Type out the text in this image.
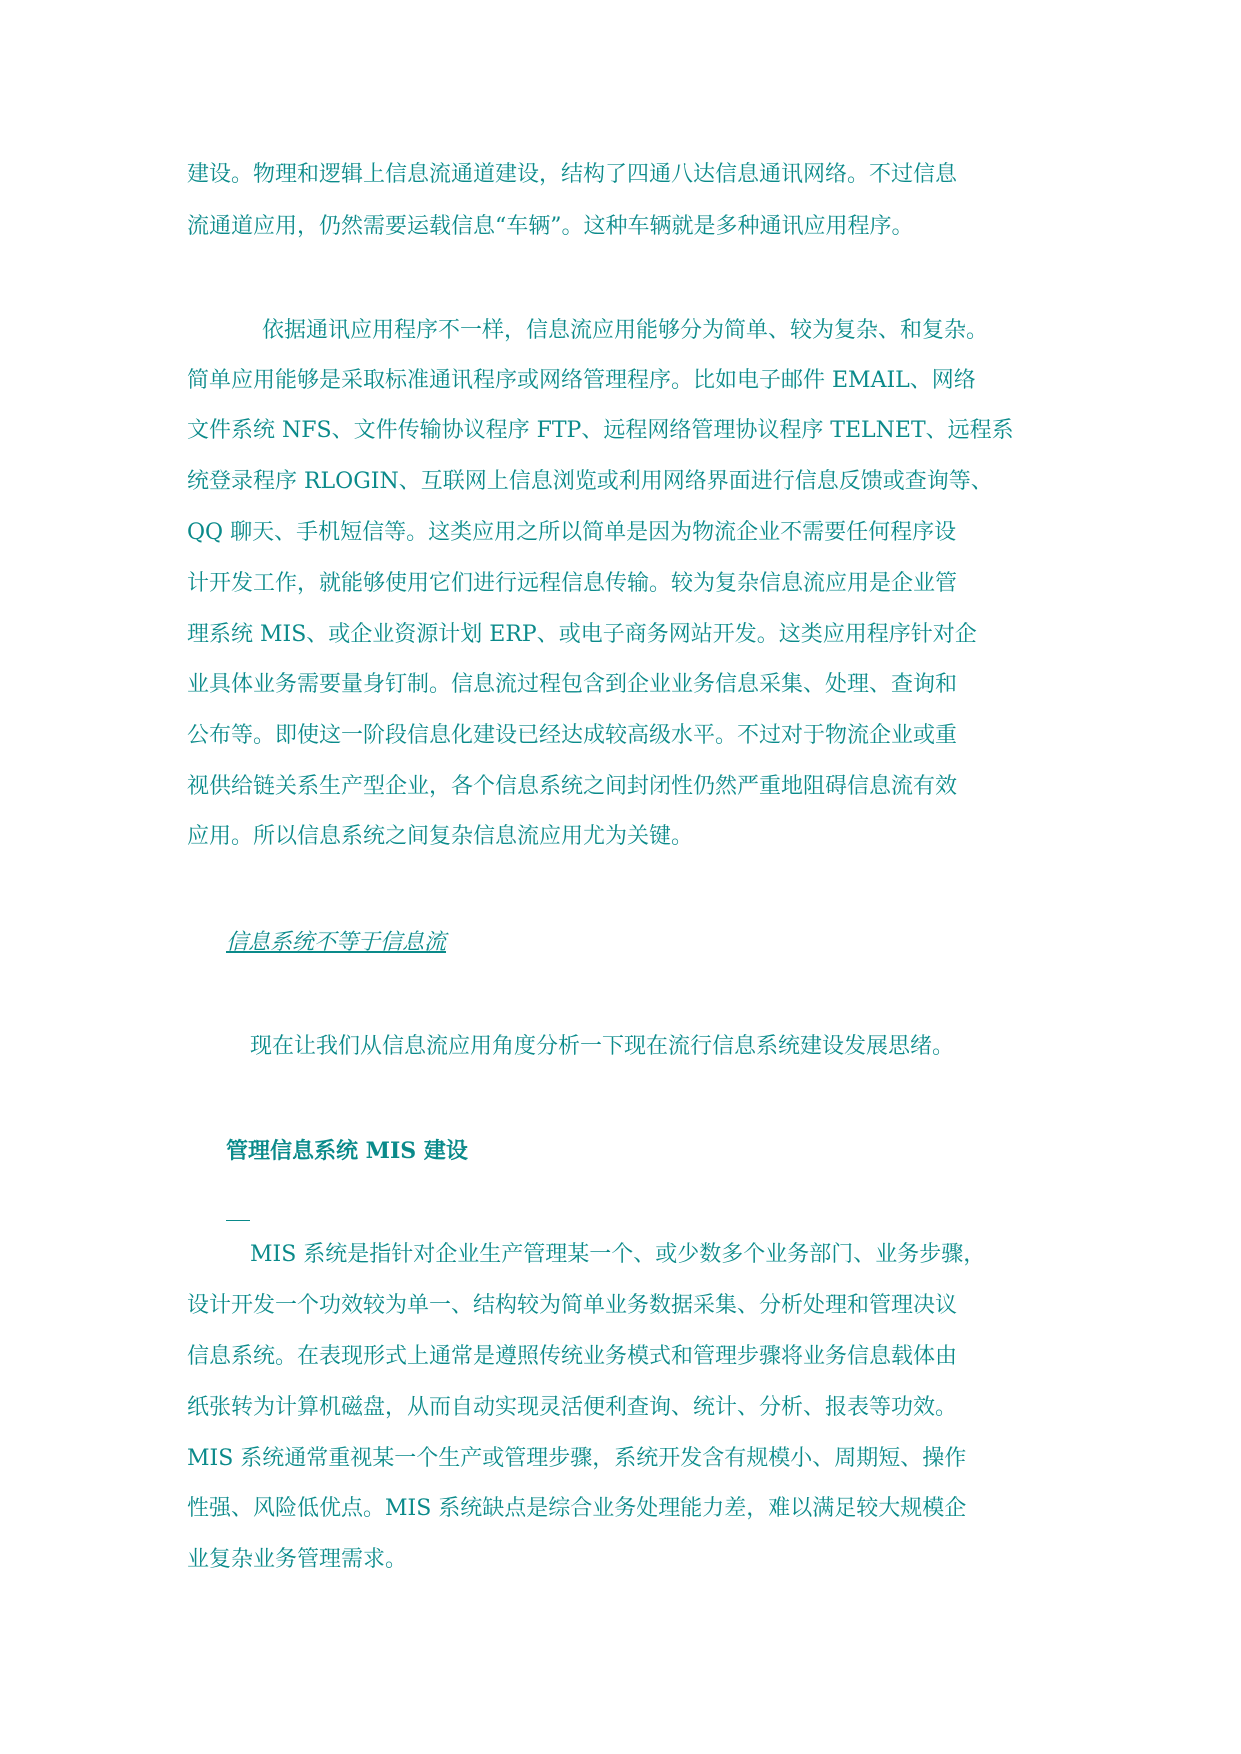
建设。物理和逻辑上信息流通道建设，结构了四通八达信息通讯网络。不过信息
流通道应用，仍然需要运载信息“车辆”。这种车辆就是多种通讯应用程序。
依据通讯应用程序不一样，信息流应用能够分为简单、较为复杂、和复杂。
简单应用能够是采取标准通讯程序或网络管理程序。比如电子邮件 EMAIL、网络
文件系统 NFS、文件传输协议程序 FTP、远程网络管理协议程序 TELNET、远程系
统登录程序 RLOGIN、互联网上信息浏览或利用网络界面进行信息反馈或查询等、
QQ 聊天、手机短信等。这类应用之所以简单是因为物流企业不需要任何程序设
计开发工作，就能够使用它们进行远程信息传输。较为复杂信息流应用是企业管
理系统 MIS、或企业资源计划 ERP、或电子商务网站开发。这类应用程序针对企
业具体业务需要量身钉制。信息流过程包含到企业业务信息采集、处理、查询和
公布等。即使这一阶段信息化建设已经达成较高级水平。不过对于物流企业或重
视供给链关系生产型企业，各个信息系统之间封闭性仍然严重地阻碍信息流有效
应用。所以信息系统之间复杂信息流应用尤为关键。
信息系统不等于信息流
现在让我们从信息流应用角度分析一下现在流行信息系统建设发展思绪。
管理信息系统 MIS 建设
MIS 系统是指针对企业生产管理某一个、或少数多个业务部门、业务步骤，
设计开发一个功效较为单一、结构较为简单业务数据采集、分析处理和管理决议
信息系统。在表现形式上通常是遵照传统业务模式和管理步骤将业务信息载体由
纸张转为计算机磁盘，从而自动实现灵活便利查询、统计、分析、报表等功效。
MIS 系统通常重视某一个生产或管理步骤，系统开发含有规模小、周期短、操作
性强、风险低优点。MIS 系统缺点是综合业务处理能力差，难以满足较大规模企
业复杂业务管理需求。
